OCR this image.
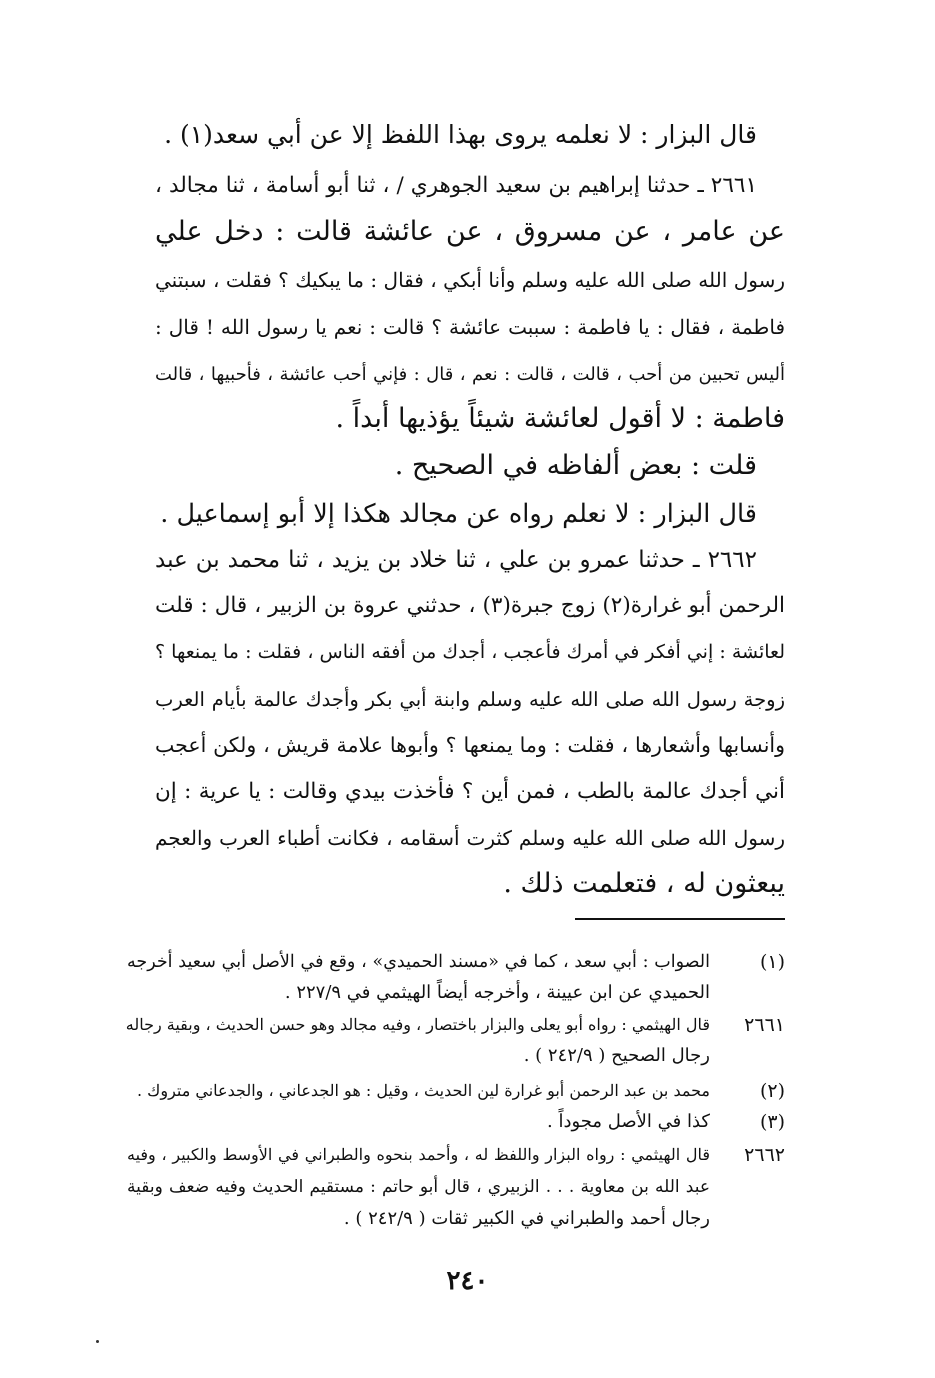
قال البزار : لا نعلمه يروى بهذا اللفظ إلا عن أبي سعد(١) .
٢٦٦١ ـ حدثنا إبراهيم بن سعيد الجوهري / ، ثنا أبو أسامة ، ثنا مجالد ،
عن عامر ، عن مسروق ، عن عائشة قالت : دخل علي
رسول الله صلى الله عليه وسلم وأنا أبكي ، فقال : ما يبكيك ؟ فقلت ، سبتني
فاطمة ، فقال : يا فاطمة : سببت عائشة ؟ قالت : نعم يا رسول الله ! قال :
أليس تحبين من أحب ، قالت ، قالت : نعم ، قال : فإني أحب عائشة ، فأحبيها ، قالت
فاطمة : لا أقول لعائشة شيئاً يؤذيها أبداً .
قلت : بعض ألفاظه في الصحيح .
قال البزار : لا نعلم رواه عن مجالد هكذا إلا أبو إسماعيل .
٢٦٦٢ ـ حدثنا عمرو بن علي ، ثنا خلاد بن يزيد ، ثنا محمد بن عبد
الرحمن أبو غرارة(٢) زوج جبرة(٣) ، حدثني عروة بن الزبير ، قال : قلت
لعائشة : إني أفكر في أمرك فأعجب ، أجدك من أفقه الناس ، فقلت : ما يمنعها ؟
زوجة رسول الله صلى الله عليه وسلم وابنة أبي بكر وأجدك عالمة بأيام العرب
وأنسابها وأشعارها ، فقلت : وما يمنعها ؟ وأبوها علامة قريش ، ولكن أعجب
أني أجدك عالمة بالطب ، فمن أين ؟ فأخذت بيدي وقالت : يا عرية : إن
رسول الله صلى الله عليه وسلم كثرت أسقامه ، فكانت أطباء العرب والعجم
يبعثون له ، فتعلمت ذلك .
(١)
الصواب : أبي سعد ، كما في «مسند الحميدي» ، وقع في الأصل أبي سعيد أخرجه
الحميدي عن ابن عيينة ، وأخرجه أيضاً الهيثمي في ٢٢٧/٩ .
٢٦٦١
قال الهيثمي : رواه أبو يعلى والبزار باختصار ، وفيه مجالد وهو حسن الحديث ، وبقية رجاله
رجال الصحيح ( ٢٤٢/٩ ) .
(٢)
محمد بن عبد الرحمن أبو غرارة لين الحديث ، وقيل : هو الجدعاني ، والجدعاني متروك .
(٣)
كذا في الأصل مجوداً .
٢٦٦٢
قال الهيثمي : رواه البزار واللفظ له ، وأحمد بنحوه والطبراني في الأوسط والكبير ، وفيه
عبد الله بن معاوية . . . الزبيري ، قال أبو حاتم : مستقيم الحديث وفيه ضعف وبقية
رجال أحمد والطبراني في الكبير ثقات ( ٢٤٢/٩ ) .
٢٤٠
